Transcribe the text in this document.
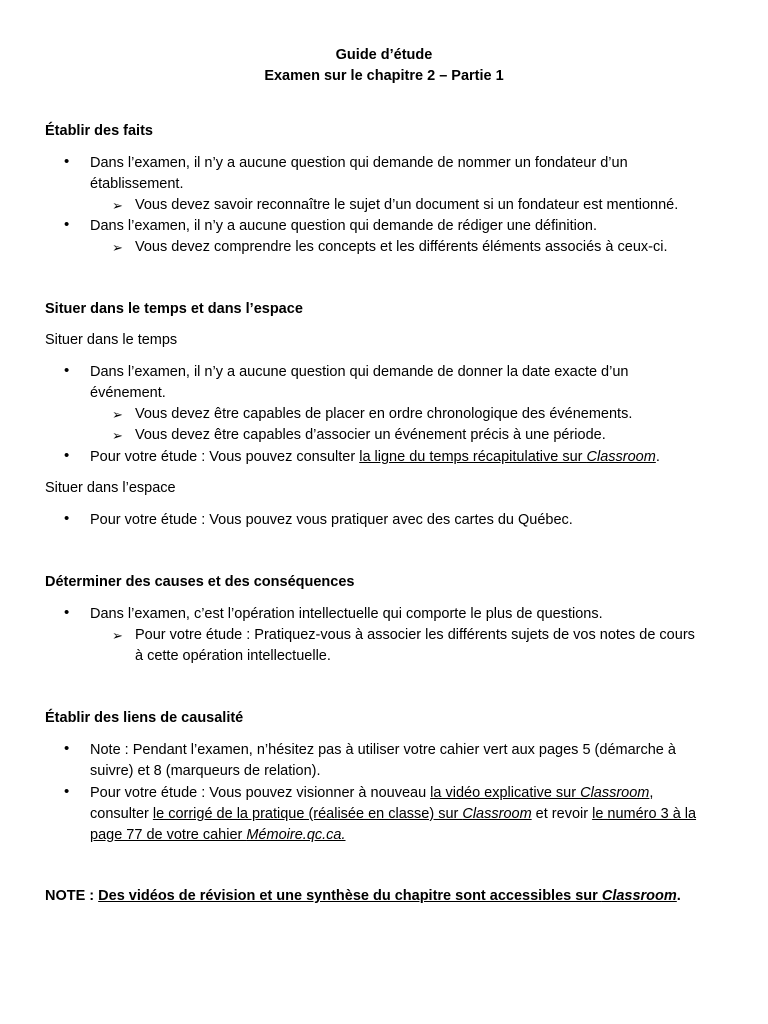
Guide d’étude
Examen sur le chapitre 2 – Partie 1
Établir des faits
• Dans l’examen, il n’y a aucune question qui demande de nommer un fondateur d’un
établissement.
➢ Vous devez savoir reconnaître le sujet d’un document si un fondateur est mentionné.
• Dans l’examen, il n’y a aucune question qui demande de rédiger une définition.
➢ Vous devez comprendre les concepts et les différents éléments associés à ceux-ci.
Situer dans le temps et dans l’espace
Situer dans le temps
• Dans l’examen, il n’y a aucune question qui demande de donner la date exacte d’un
événement.
➢ Vous devez être capables de placer en ordre chronologique des événements.
➢ Vous devez être capables d’associer un événement précis à une période.
• Pour votre étude : Vous pouvez consulter la ligne du temps récapitulative sur Classroom.
Situer dans l’espace
• Pour votre étude : Vous pouvez vous pratiquer avec des cartes du Québec.
Déterminer des causes et des conséquences
• Dans l’examen, c’est l’opération intellectuelle qui comporte le plus de questions.
➢ Pour votre étude : Pratiquez-vous à associer les différents sujets de vos notes de cours
à cette opération intellectuelle.
Établir des liens de causalité
• Note : Pendant l’examen, n’hésitez pas à utiliser votre cahier vert aux pages 5 (démarche à
suivre) et 8 (marqueurs de relation).
• Pour votre étude : Vous pouvez visionner à nouveau la vidéo explicative sur Classroom,
consulter le corrigé de la pratique (réalisée en classe) sur Classroom et revoir le numéro 3 à la
page 77 de votre cahier Mémoire.qc.ca.
NOTE : Des vidéos de révision et une synthèse du chapitre sont accessibles sur Classroom.
